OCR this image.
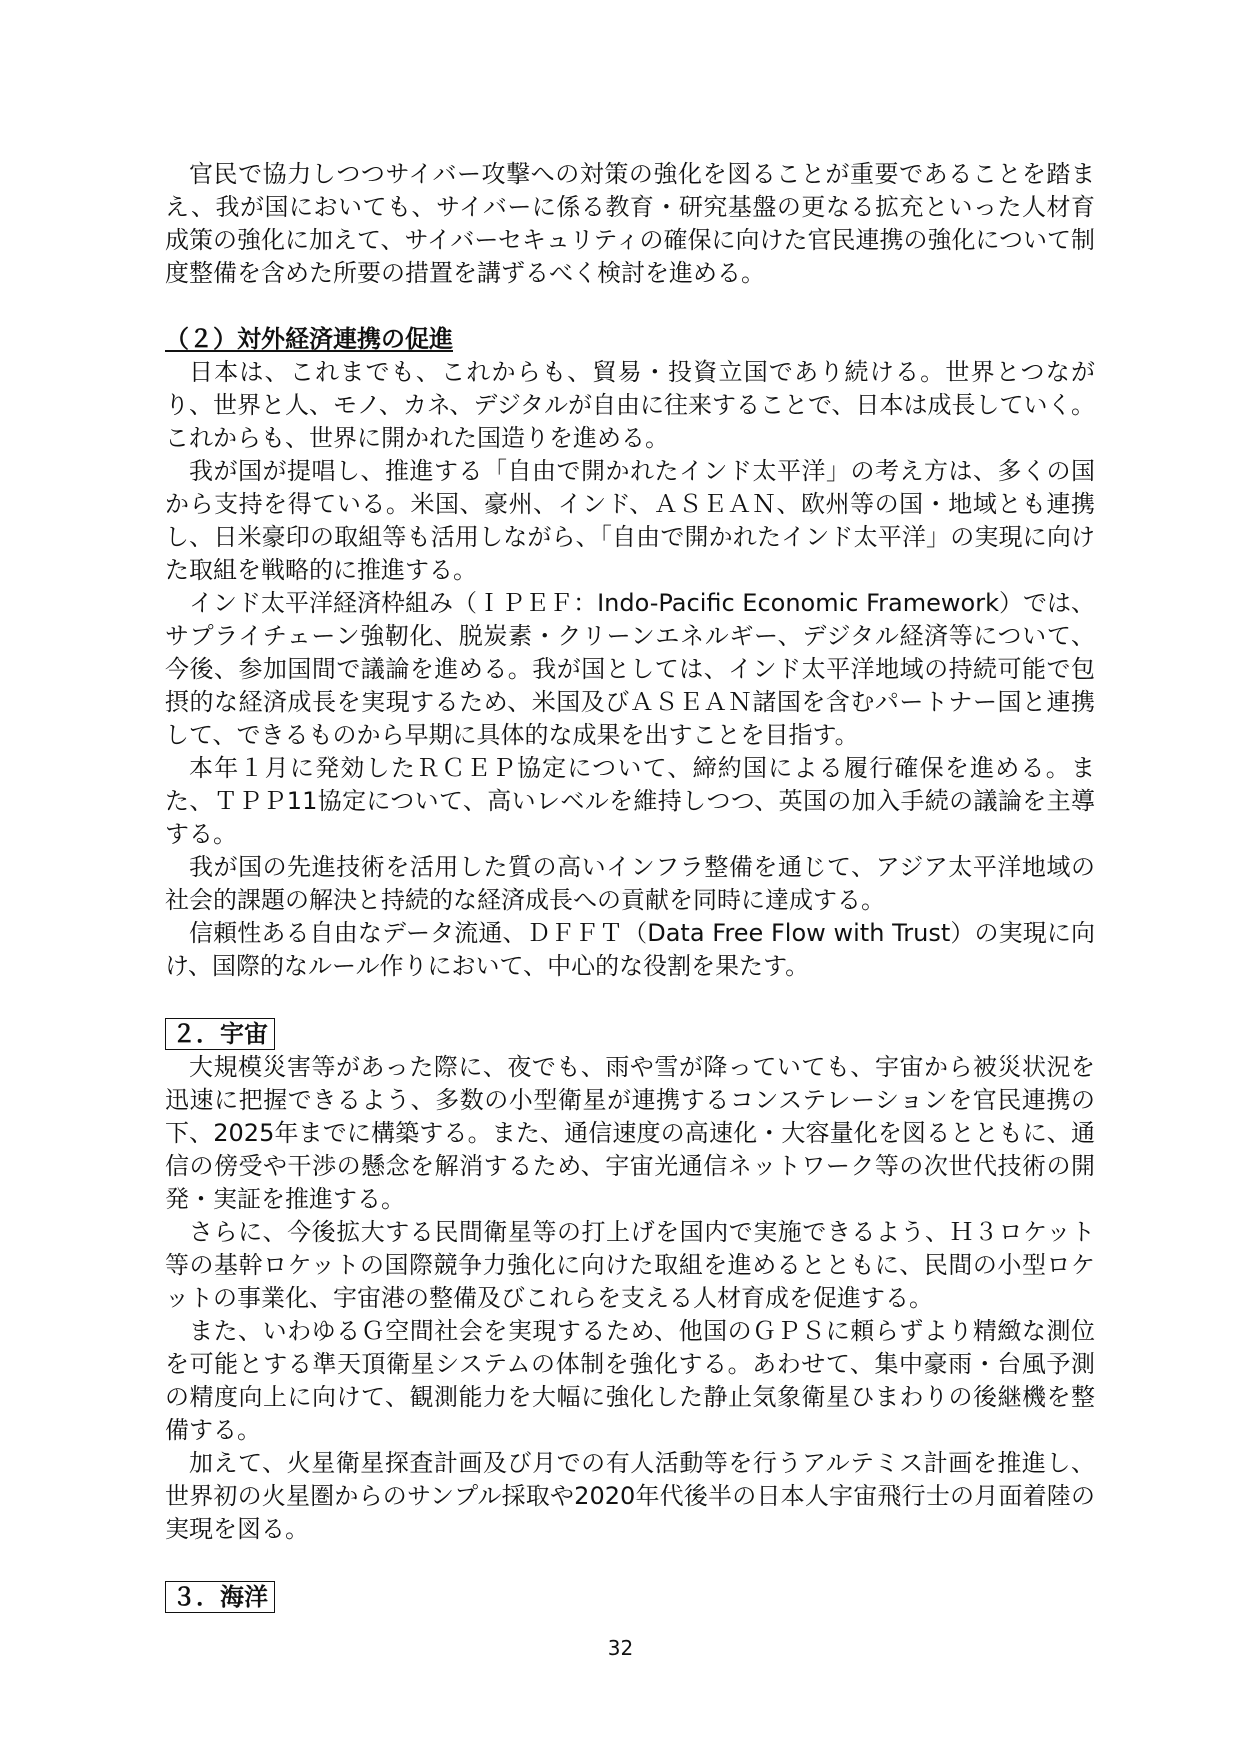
官民で協力しつつサイバー攻撃への対策の強化を図ることが重要であることを踏まえ、我が国においても、サイバーに係る教育・研究基盤の更なる拡充といった人材育成策の強化に加えて、サイバーセキュリティの確保に向けた官民連携の強化について制度整備を含めた所要の措置を講ずるべく検討を進める。

（２）対外経済連携の促進

日本は、これまでも、これからも、貿易・投資立国であり続ける。世界とつながり、世界と人、モノ、カネ、デジタルが自由に往来することで、日本は成長していく。これからも、世界に開かれた国造りを進める。

我が国が提唱し、推進する「自由で開かれたインド太平洋」の考え方は、多くの国から支持を得ている。米国、豪州、インド、ＡＳＥＡＮ、欧州等の国・地域とも連携し、日米豪印の取組等も活用しながら、「自由で開かれたインド太平洋」の実現に向けた取組を戦略的に推進する。

インド太平洋経済枠組み（ＩＰＥＦ：Indo-Pacific Economic Framework）では、サプライチェーン強靭化、脱炭素・クリーンエネルギー、デジタル経済等について、今後、参加国間で議論を進める。我が国としては、インド太平洋地域の持続可能で包摂的な経済成長を実現するため、米国及びＡＳＥＡＮ諸国を含むパートナー国と連携して、できるものから早期に具体的な成果を出すことを目指す。

本年１月に発効したＲＣＥＰ協定について、締約国による履行確保を進める。また、ＴＰＰ11協定について、高いレベルを維持しつつ、英国の加入手続の議論を主導する。

我が国の先進技術を活用した質の高いインフラ整備を通じて、アジア太平洋地域の社会的課題の解決と持続的な経済成長への貢献を同時に達成する。

信頼性ある自由なデータ流通、ＤＦＦＴ（Data Free Flow with Trust）の実現に向け、国際的なルール作りにおいて、中心的な役割を果たす。

２．宇宙

大規模災害等があった際に、夜でも、雨や雪が降っていても、宇宙から被災状況を迅速に把握できるよう、多数の小型衛星が連携するコンステレーションを官民連携の下、2025年までに構築する。また、通信速度の高速化・大容量化を図るとともに、通信の傍受や干渉の懸念を解消するため、宇宙光通信ネットワーク等の次世代技術の開発・実証を推進する。

さらに、今後拡大する民間衛星等の打上げを国内で実施できるよう、Ｈ３ロケット等の基幹ロケットの国際競争力強化に向けた取組を進めるとともに、民間の小型ロケットの事業化、宇宙港の整備及びこれらを支える人材育成を促進する。

また、いわゆるＧ空間社会を実現するため、他国のＧＰＳに頼らずより精緻な測位を可能とする準天頂衛星システムの体制を強化する。あわせて、集中豪雨・台風予測の精度向上に向けて、観測能力を大幅に強化した静止気象衛星ひまわりの後継機を整備する。

加えて、火星衛星探査計画及び月での有人活動等を行うアルテミス計画を推進し、世界初の火星圏からのサンプル採取や2020年代後半の日本人宇宙飛行士の月面着陸の実現を図る。

３．海洋
32
